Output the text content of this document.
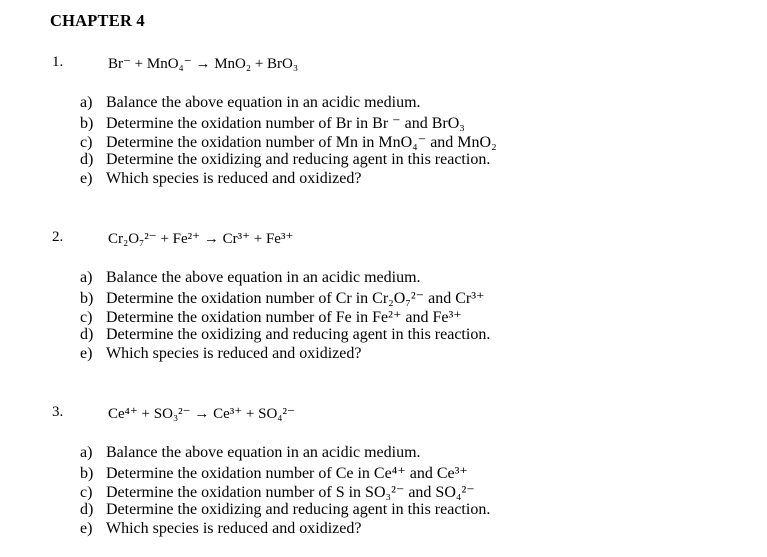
CHAPTER 4
1.	Br⁻ + MnO₄⁻ → MnO₂ + BrO₃
a) Balance the above equation in an acidic medium.
b) Determine the oxidation number of Br in Br ⁻ and BrO₃
c) Determine the oxidation number of Mn in MnO₄⁻ and MnO₂
d) Determine the oxidizing and reducing agent in this reaction.
e) Which species is reduced and oxidized?
2.	Cr₂O₇²⁻ + Fe²⁺ → Cr³⁺ + Fe³⁺
a) Balance the above equation in an acidic medium.
b) Determine the oxidation number of Cr in Cr₂O₇²⁻ and Cr³⁺
c) Determine the oxidation number of Fe in Fe²⁺ and Fe³⁺
d) Determine the oxidizing and reducing agent in this reaction.
e) Which species is reduced and oxidized?
3.	Ce⁴⁺ + SO₃²⁻ → Ce³⁺ + SO₄²⁻
a) Balance the above equation in an acidic medium.
b) Determine the oxidation number of Ce in Ce⁴⁺ and Ce³⁺
c) Determine the oxidation number of S in SO₃²⁻ and SO₄²⁻
d) Determine the oxidizing and reducing agent in this reaction.
e) Which species is reduced and oxidized?
